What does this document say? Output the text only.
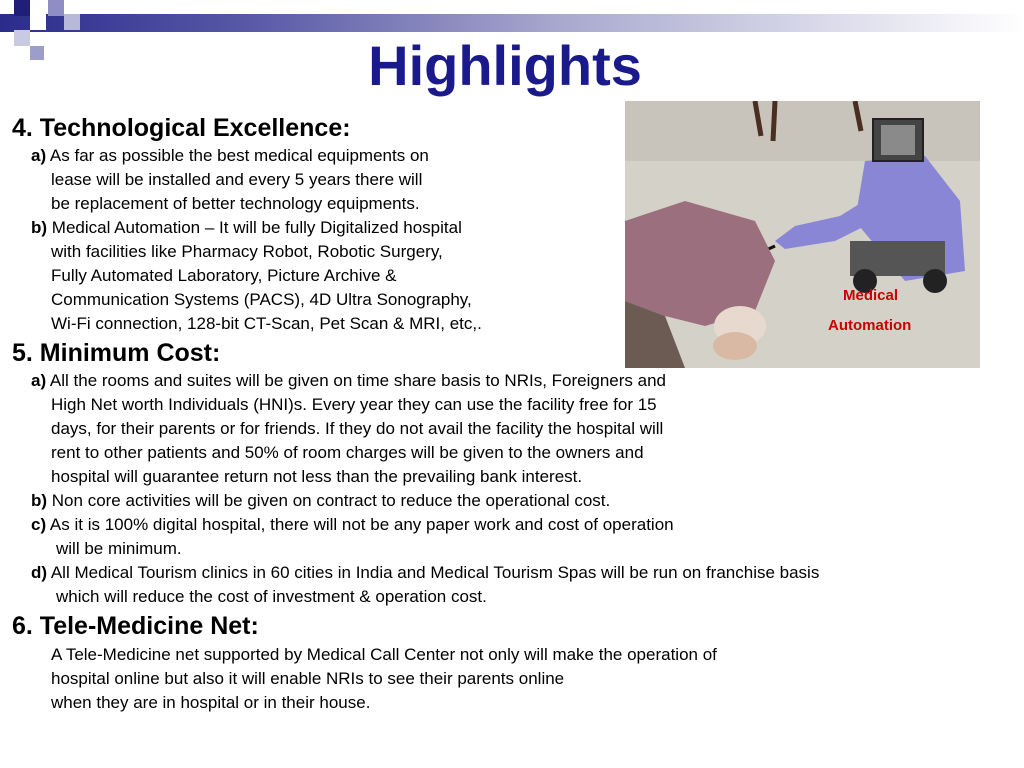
Highlights
Medical
Automation
4. Technological Excellence:
a) As far as possible the best medical equipments on
lease will be installed and every 5 years there will
be replacement of better technology equipments.
b) Medical Automation – It will be fully Digitalized hospital
with facilities like Pharmacy Robot, Robotic Surgery,
Fully Automated Laboratory, Picture Archive &
Communication Systems (PACS), 4D Ultra Sonography,
Wi-Fi connection, 128-bit CT-Scan, Pet Scan & MRI, etc,.
5. Minimum Cost:
a) All the rooms and suites will be given on time share basis to NRIs, Foreigners and
High Net worth Individuals (HNI)s. Every year they can use the facility free for 15
days, for their parents or for friends. If they do not avail the facility the hospital will
rent to other patients and 50% of room charges will be given to the owners and
hospital will guarantee return not less than the prevailing bank interest.
b) Non core activities will be given on contract to reduce the operational cost.
c) As it is 100% digital hospital, there will not be any paper work and cost of operation
will be minimum.
d) All Medical Tourism clinics in 60 cities in India and Medical Tourism Spas will be run on franchise basis
which will reduce the cost of investment & operation cost.
6. Tele-Medicine Net:
A Tele-Medicine net supported by Medical Call Center not only will make the operation of
hospital online but also it will enable NRIs to see their parents online
when they are in hospital or in their house.
